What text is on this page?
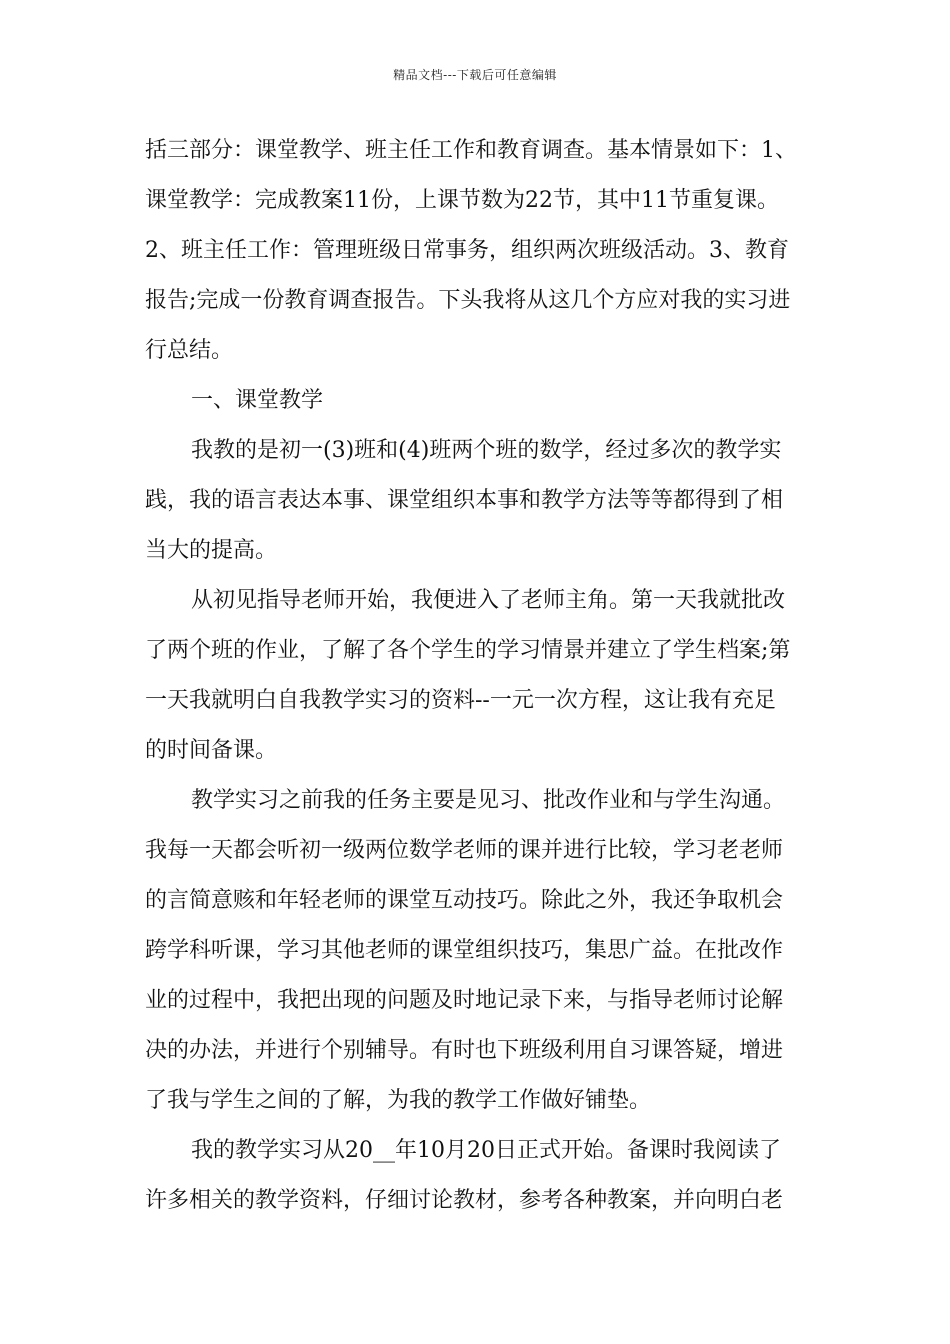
精品文档---下载后可任意编辑
括三部分：课堂教学、班主任工作和教育调查。基本情景如下：1、
课堂教学：完成教案11份，上课节数为22节，其中11节重复课。
2、班主任工作：管理班级日常事务，组织两次班级活动。3、教育
报告;完成一份教育调查报告。下头我将从这几个方应对我的实习进
行总结。
一、课堂教学
我教的是初一(3)班和(4)班两个班的数学，经过多次的教学实
践，我的语言表达本事、课堂组织本事和教学方法等等都得到了相
当大的提高。
从初见指导老师开始，我便进入了老师主角。第一天我就批改
了两个班的作业，了解了各个学生的学习情景并建立了学生档案;第
一天我就明白自我教学实习的资料--一元一次方程，这让我有充足
的时间备课。
教学实习之前我的任务主要是见习、批改作业和与学生沟通。
我每一天都会听初一级两位数学老师的课并进行比较，学习老老师
的言简意赅和年轻老师的课堂互动技巧。除此之外，我还争取机会
跨学科听课，学习其他老师的课堂组织技巧，集思广益。在批改作
业的过程中，我把出现的问题及时地记录下来，与指导老师讨论解
决的办法，并进行个别辅导。有时也下班级利用自习课答疑，增进
了我与学生之间的了解，为我的教学工作做好铺垫。
我的教学实习从20__年10月20日正式开始。备课时我阅读了
许多相关的教学资料，仔细讨论教材，参考各种教案，并向明白老
